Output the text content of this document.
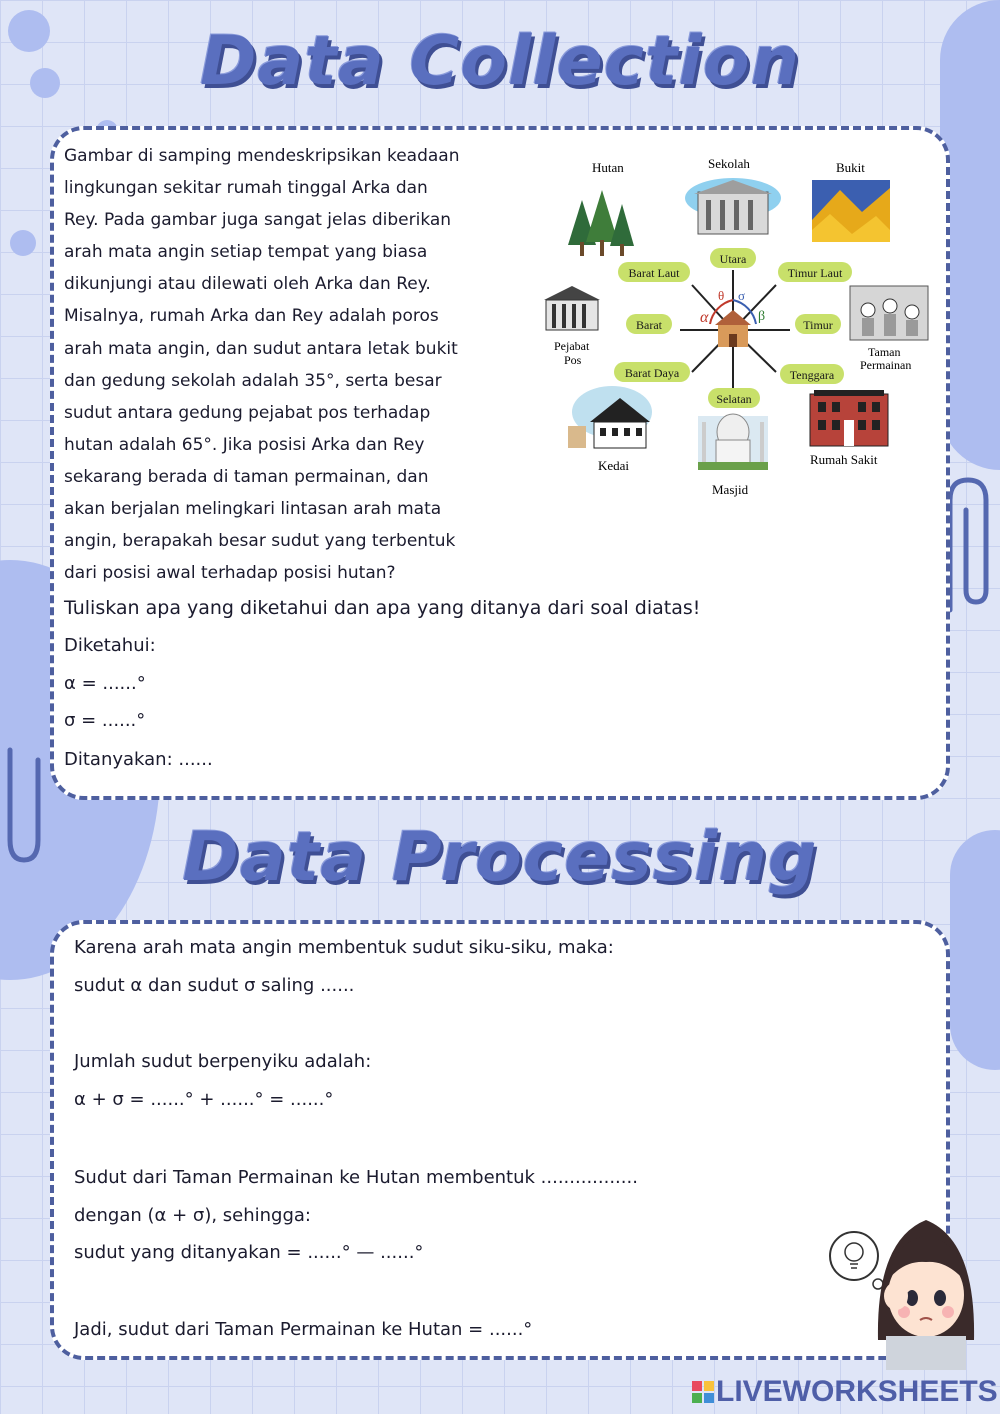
Data Collection
Data Processing
Gambar di samping mendeskripsikan keadaan
lingkungan sekitar rumah tinggal Arka dan
Rey. Pada gambar juga sangat jelas diberikan
arah mata angin setiap tempat yang biasa
dikunjungi atau dilewati oleh Arka dan Rey.
Misalnya, rumah Arka dan Rey adalah poros
arah mata angin, dan sudut antara letak bukit
dan gedung sekolah adalah 35°, serta besar
sudut antara gedung pejabat pos terhadap
hutan adalah 65°. Jika posisi Arka dan Rey
sekarang berada di taman permainan, dan
akan berjalan melingkari lintasan arah mata
angin, berapakah besar sudut yang terbentuk
dari posisi awal terhadap posisi hutan?
Tuliskan apa yang diketahui dan apa yang ditanya dari soal diatas!
Diketahui:
α = ......°
σ = ......°
Ditanyakan: ......
α
θ σ
β
Utara
Selatan
Barat	Timur
Barat Laut	Timur Laut
Barat Daya	Tenggara
Hutan	Sekolah	Bukit
Pejabat
Pos
Taman
Permainan
Kedai
Masjid
Rumah Sakit
Karena arah mata angin membentuk sudut siku-siku, maka:
sudut α dan sudut σ saling ......
Jumlah sudut berpenyiku adalah:
α + σ = ......° + ......° = ......°
Sudut dari Taman Permainan ke Hutan membentuk .................
dengan (α + σ), sehingga:
sudut yang ditanyakan = ......° — ......°
Jadi, sudut dari Taman Permainan ke Hutan = ......°
LIVEWORKSHEETS
